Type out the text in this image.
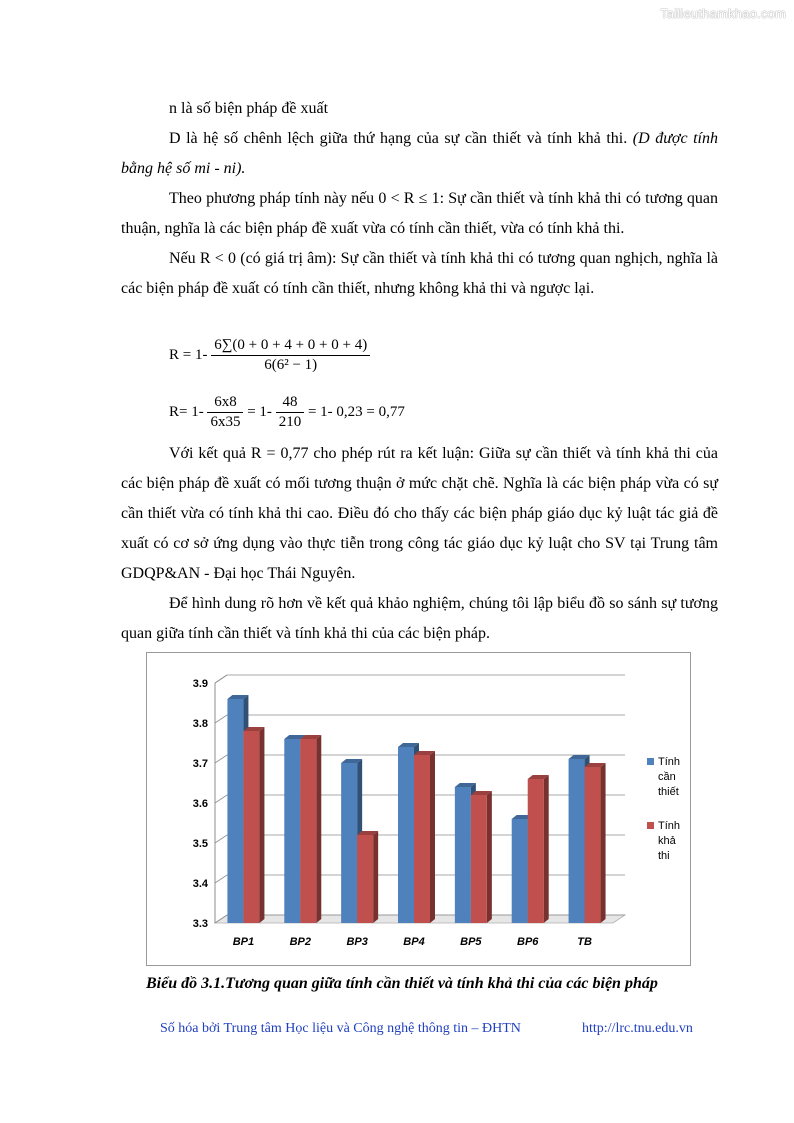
Tailieuthamkhao.com

n là số biện pháp đề xuất

D là hệ số chênh lệch giữa thứ hạng của sự cần thiết và tính khả thi. (D được tính bằng hệ số mi - ni).

Theo phương pháp tính này nếu 0 < R ≤ 1: Sự cần thiết và tính khả thi có tương quan thuận, nghĩa là các biện pháp đề xuất vừa có tính cần thiết, vừa có tính khả thi.

Nếu R < 0 (có giá trị âm): Sự cần thiết và tính khả thi có tương quan nghịch, nghĩa là các biện pháp đề xuất có tính cần thiết, nhưng không khả thi và ngược lại.

$R = 1- \frac{6\sum(0 + 0 + 4 + 0 + 0 + 4)}{\text{6(6² − 1)}}$
$R= 1- \frac{6x8}{6x35} = 1- \frac{48}{210} = 1-$ 0,23 = 0,77

Với kết quả R = 0,77 cho phép rút ra kết luận: Giữa sự cần thiết và tính khả thi của các biện pháp đề xuất có mối tương thuận ở mức chặt chẽ. Nghĩa là các biện pháp vừa có sự cần thiết vừa có tính khả thi cao. Điều đó cho thấy các biện pháp giáo dục kỷ luật tác giả đề xuất có cơ sở ứng dụng vào thực tiễn trong công tác giáo dục kỷ luật cho SV tại Trung tâm GDQP&AN - Đại học Thái Nguyên.

Để hình dung rõ hơn về kết quả khảo nghiệm, chúng tôi lập biểu đồ so sánh sự tương quan giữa tính cần thiết và tính khả thi của các biện pháp.

3.3
3.4
3.5
3.6
3.7
3.8
3.9
BP1	BP2	BP3	BP4	BP5	BP6	TB
Tính
cần
thiết
Tính
khả
thi
Biểu đồ 3.1.Tương quan giữa tính cần thiết và tính khả thi của các biện pháp
Số hóa bởi Trung tâm Học liệu và Công nghệ thông tin – ĐHTN	http://lrc.tnu.edu.vn
